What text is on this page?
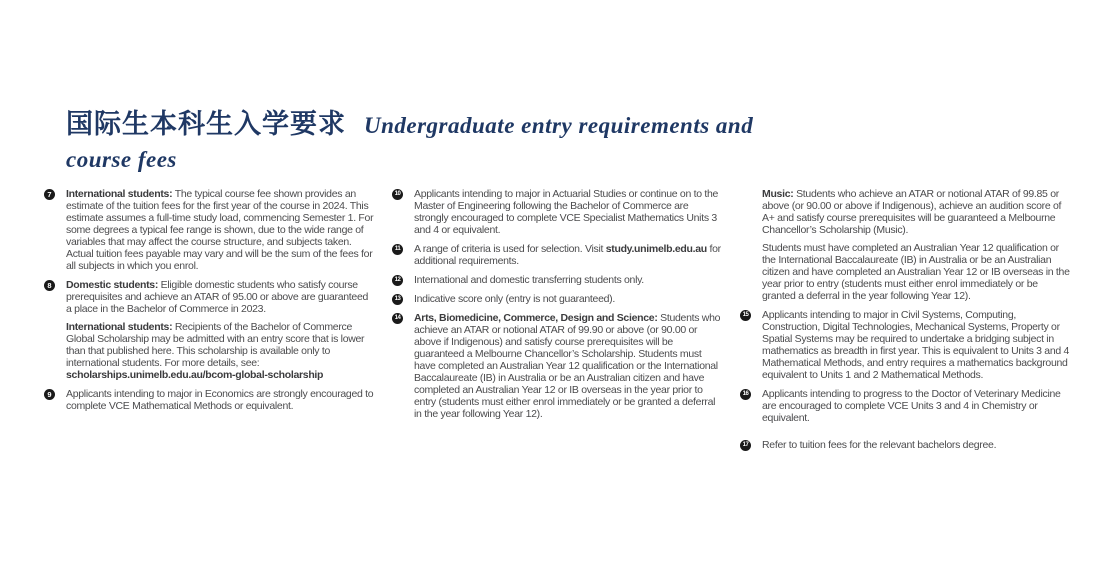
国际生本科生入学要求 Undergraduate entry requirements and
course fees
7	International students: The typical course fee shown provides an estimate of the tuition fees for the first year of the course in 2024. This estimate assumes a full-time study load, commencing Semester 1. For some degrees a typical fee range is shown, due to the wide range of variables that may affect the course structure, and subjects taken. Actual tuition fees payable may vary and will be the sum of the fees for all subjects in which you enrol.

8	Domestic students: Eligible domestic students who satisfy course prerequisites and achieve an ATAR of 95.00 or above are guaranteed a place in the Bachelor of Commerce in 2023.

International students: Recipients of the Bachelor of Commerce Global Scholarship may be admitted with an entry score that is lower than that published here. This scholarship is available only to international students. For more details, see: scholarships.unimelb.edu.au/bcom-global-scholarship

9	Applicants intending to major in Economics are strongly encouraged to complete VCE Mathematical Methods or equivalent.

10 Applicants intending to major in Actuarial Studies or continue on to the Master of Engineering following the Bachelor of Commerce are strongly encouraged to complete VCE Specialist Mathematics Units 3 and 4 or equivalent.

11 A range of criteria is used for selection. Visit study.unimelb.edu.au for additional requirements.

12 International and domestic transferring students only.

13 Indicative score only (entry is not guaranteed).

14 Arts, Biomedicine, Commerce, Design and Science: Students who achieve an ATAR or notional ATAR of 99.90 or above (or 90.00 or above if Indigenous) and satisfy course prerequisites will be guaranteed a Melbourne Chancellor’s Scholarship. Students must have completed an Australian Year 12 qualification or the International Baccalaureate (IB) in Australia or be an Australian citizen and have completed an Australian Year 12 or IB overseas in the year prior to entry (students must either enrol immediately or be granted a deferral in the year following Year 12).

Music: Students who achieve an ATAR or notional ATAR of 99.85 or above (or 90.00 or above if Indigenous), achieve an audition score of A+ and satisfy course prerequisites will be guaranteed a Melbourne Chancellor’s Scholarship (Music).

Students must have completed an Australian Year 12 qualification or the International Baccalaureate (IB) in Australia or be an Australian citizen and have completed an Australian Year 12 or IB overseas in the year prior to entry (students must either enrol immediately or be granted a deferral in the year following Year 12).

15 Applicants intending to major in Civil Systems, Computing, Construction, Digital Technologies, Mechanical Systems, Property or Spatial Systems may be required to undertake a bridging subject in mathematics as breadth in first year. This is equivalent to Units 3 and 4 Mathematical Methods, and entry requires a mathematics background equivalent to Units 1 and 2 Mathematical Methods.

16 Applicants intending to progress to the Doctor of Veterinary Medicine are encouraged to complete VCE Units 3 and 4 in Chemistry or equivalent.

17 Refer to tuition fees for the relevant bachelors degree.
